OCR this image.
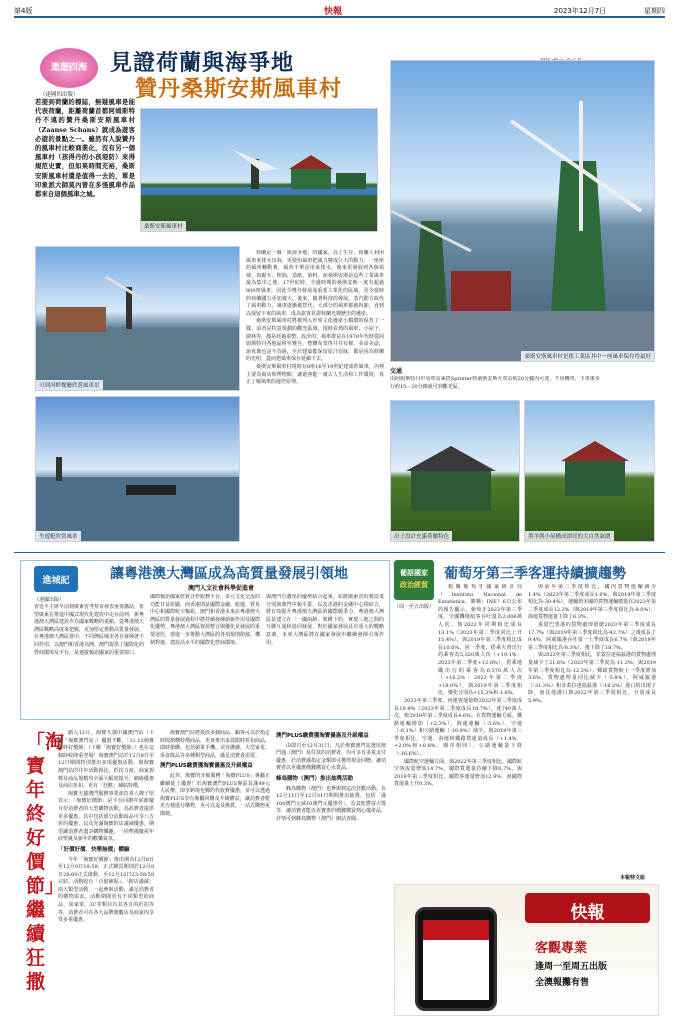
第4版	快報	2023年12月7日	星期四
遨遊四海
（達國四出版）
見證荷蘭與海爭地
贊丹桑斯安斯風車村
若提到荷蘭的標誌，無疑風車是能代表荷蘭，距離荷蘭首都阿姆斯特丹不遠的贊丹桑斯安斯風車村（Zaanse Schans）就成為遊客必遊的景點之一。雖然有人說贊丹的風車村比較商業化，沒有另一個風車村（孩得丹的小孩堤防）來得規范史實，但如果時間充裕，桑斯安斯風車村還是值得一去的，單是印象派大師莫內曾在多張風車作品都來自這個風車之城。
桑斯安斯風車村
可到河畔餐廳欣賞風車景
坐遊艇欣賞風車

荷蘭是一個「與海爭地」的國家，為了生存，荷蘭人利用風車來排水出海，更使用風車把風力變成巨大的動力，一座座的風車轉動著，風車不單是用來排水，後來更發展到各個領域，如鋸木、榨油、造紙、染料，而桑斯安斯是這些工業風車最為集中之地，17世紀時，全盛時期的桑斯安斯一度有超過800座風車，因此令贊丹發展成重要工業化的區域，更令當時的荷蘭國力更加強大。後來，隨著科技的發展，蒸汽動力取代了風車動力，風車逐漸被替代，大部分的風車都被拆卸，直到以保留下來的風車，成為旅客見證荷蘭光輝歷史的遺產。

桑斯安斯風車村將被列入世界文化遺產小鎮環的保育了一樣，前者是特意規劃的觀光區域，現時看到的風車，小屋子，圍林等，都是經過重整，設計的，風車群是在1970年代時從阿姆斯特丹各地區移至贊丹，整體布置得井井有條，美命美侖，說真像也是不為過，至於建築能保留原汁原味，都是因為荷蘭的光明，從而把風車保存延續下去。

桑斯安斯風車村現時有8座16至19世紀建成的風車，內裡主要為商店和博物館，讓遊客能一窺古人生活和工作環境，真正了解風車的運作原理。

桑斯安斯風車村是舊工業區其中一座風車保存得最好
交通
由阿姆斯特丹中央車站乘搭Sprinter到桑斯安斯火車站約20分鐘內可達，不用轉車，下車後步行約15－20分鐘就可到觀光區。
房子設計充滿荷蘭特色	黑羊與小屋構成漂亮的大自然氣圍
進城記
（達國出版）
讓粵港澳大灣區成為高質量發展引領地
澳門人文社會科學促進會
習近平主席早前到廣東省考察並發表重要講話，希望廣東在推進中國式現代化建設中走在前列，新粵港澳大灣區建設作為國家戰略的重點，從粵港澳大灣區戰略高度來把握，更加堅定推動高質量發展。在粵港澳大灣區當中，不同灣區城市各自發揮著不同作用，以澳門和香港為例，澳門提供了國際化的營商環境及平台，是連接葡語國家的重要窗口。
國際葡語國家經貿合作服務平台，多元文化交流的功能日益彰顯，而香港則是國際金融、航運、貿易中心和國際航空樞紐，澳門和香港未來在粵港澳大灣區的質量發展過程中將持續發揮創新作用及國際化優勢。粵港澳大灣區資源整合與優化是發展的重要途徑，要進一步推動大灣區的各項規則銜接、機制對接，建設高水平的國際化營商環境。
與澳門有濃厚的優勢結合起來，如將廣東省的製造業分別與澳門中葡平臺，以及香港的金融中心相結合，將有效提升粵港澳大灣區的國際競爭力。粵港澳大灣區是建立在「一國兩制」架構下的，實現三地之間的互聯互通和協同發展，對於國家發展具有重大的戰略意義，未來大灣區將在國家發展中繼續發揮引領作用。
「淘寶年終好價節」繼續狂撒

踏入12月，淘寶天貓中國澳門站（下稱「淘寶澳門站」）優惠不斷，「12.12淘寶年終好價節」（下稱「淘寶好價節」）也在這個時候隆重登場！淘寶澳門站於12月8日至12日期間特別推出多項優惠活動，與淘寶澳門站的往年活動相比，折扣力度、商家規模及商品規模均全面大幅度提升，網絡優惠及商店折扣，更有「狂歡」補貼特價。

淘寶天貓澳門服務事業部負責人陳子堅表示：「淘寶好價節」是平台回饋年底節慶月份消費者的大型購物活動，為消費者提供更多優惠，其中包括部分活動商品可享八五折的優惠，以及充滿淘寶的店滿減優惠，期望讓消費者盡享購物樂趣，一同準備慶祝年底聖誕及新年的歡樂氣氛。

「好價好價．快樂無價」體驗

今年「淘寶好價節」推出期為12月8日至12月9日19:59，正式購買期則於12月9日20:00正式啟動，至12月12日23:59:59完結。活動收有「百億補貼」、「跨店滿減」兩大類型活動，一起參與活動，滿足消費者的購物需求。活動期間更有不同類型的商品，如家電、3C等類目有其各自的折扣等等，消費者可在各大品牌旗艦店及商家內享受多重優惠。

淘寶澳門站將投放多個商品，顧客可以於指定時間搶購特價商品，更會推出多款限時折扣商品，即時搶購，包括蘋果手機、美容護膚、大型家電、零食飲品等多種類型商品，滿足消費者需要。

澳門PLUS繳費獲淘寶優惠及升級權益

此外，淘寶的升級服務「淘寶PLUS」專屬正繼續延上優惠！於淘寶澳門PLUS專區買滿49元人民幣，即享跨境包郵的代收費優惠，並可以透過淘寶PLUS享有專屬回饋及升級權益，讓消費者能更方便進行購物，更可以退及換貨，一站式購物更簡便。

澳門PLUS繳費獲淘寶優惠及升級權益

由即日至12月31日，凡於淘寶澳門站選用澳門通（澳門）易付款的消費者，均可享有多重支付優惠，於消費滿指定金額即可獲得現金回贈，讓消費者以更優惠價錢購買心水貨品。

蜂鳥購物（澳門）推出抽獎活動

蜂鳥購物（澳門）也參與到這次狂歡活動，在12月11日至12月31日期間推出抽獎，包括「滿100澳門元減10澳門元優惠券」，及其他豐富大獎等，讓消費者能以更實惠的價錢購買到心儀產品，詳情可到蜂鳥購物（澳門）網站查閱。

葡語國家
政治經貿
（周一至五出版）
葡萄牙第三季客運持續擴趨勢

根據葡萄牙國家統計局（Instituto Nacional de Estatística，簡稱：INE）6日公布的報告顯示，葡萄牙2023年第三季度，全國機場航客吞吐量為2,006萬人次，與2022年同期相比成長13.1%（2023年第二季度同比上升15.4%），與2019年第三季度相比成長10.6%。同一季度，搭乘火車出行的乘客為5,320萬人次（+19.1%：2023年第二季度+12.8%），搭乘地鐵出行的乘客為6,370萬人次（+16.2%：2023年第二季度+18.0%），與2019年第三季度相比，變化分別為+15.3%和-1.8%。

2023年第三季度，河運客運量較2022年第三季度成長19.9%（2023年第二季度成長18.7%），達740萬人次，較2019年第三季度成長4.6%。在貨物運輸方面，鐵路運輸增加（+2.3%），海運運輸（-5.6%），空運（-6.1%）和公路運輸（-10.9%）減少。與2019年第三季度相比，空運、海運和鐵路貨運量成長（+1.4%，+2.0%和+0.8%，順序相同），公路運輸量下降（-16.6%）。

國際航空運輸方面，與2022年第三季度相比，國際航空客流量增加14.7%，國際貨運量持續下降0.7%。與2019年第三季度相比，國際客運量增加12.9%，而國際貨運量上升0.3%。

與前年第三季度相比，國內貨物運輸減少1.4%（2023年第二季度成長1.9%，與2019年第三季度相比為-30.4%），運輸到本國的貨物運輸總量在2023年第二季度成長12.2%（與2019年第三季度相比為-9.0%），海運貨物運量下降了6.3%。

重量巴黑港的貨物處理量總2023年第三季度成長17.7%（與2019年第三季度相比為-42.7%）之後成長了9.4%，阿威羅港吞吐量一上季度成長6.7%（與2019年第三季度相比為-8.3%），後下降了18.7%。

與2022年第三季度相比，菲蓋拉達福茲港的貨物處理量減少了21.6%（2023年第二季度為-11.2%；與2019年第三季度相比為-12.3%）。郵政貨物較上一季度增加3.6%，貨物處理量同比減少（-5.8%），阿威羅港（-31.3%）和菲蓋拉達福茲港（-18.2%）港口的出現下降，而其他港口與2022年第三季度相比，分別成長5.9%。

本報特文組
快報
客觀專業
逢周一至周五出版
全澳報攤有售
